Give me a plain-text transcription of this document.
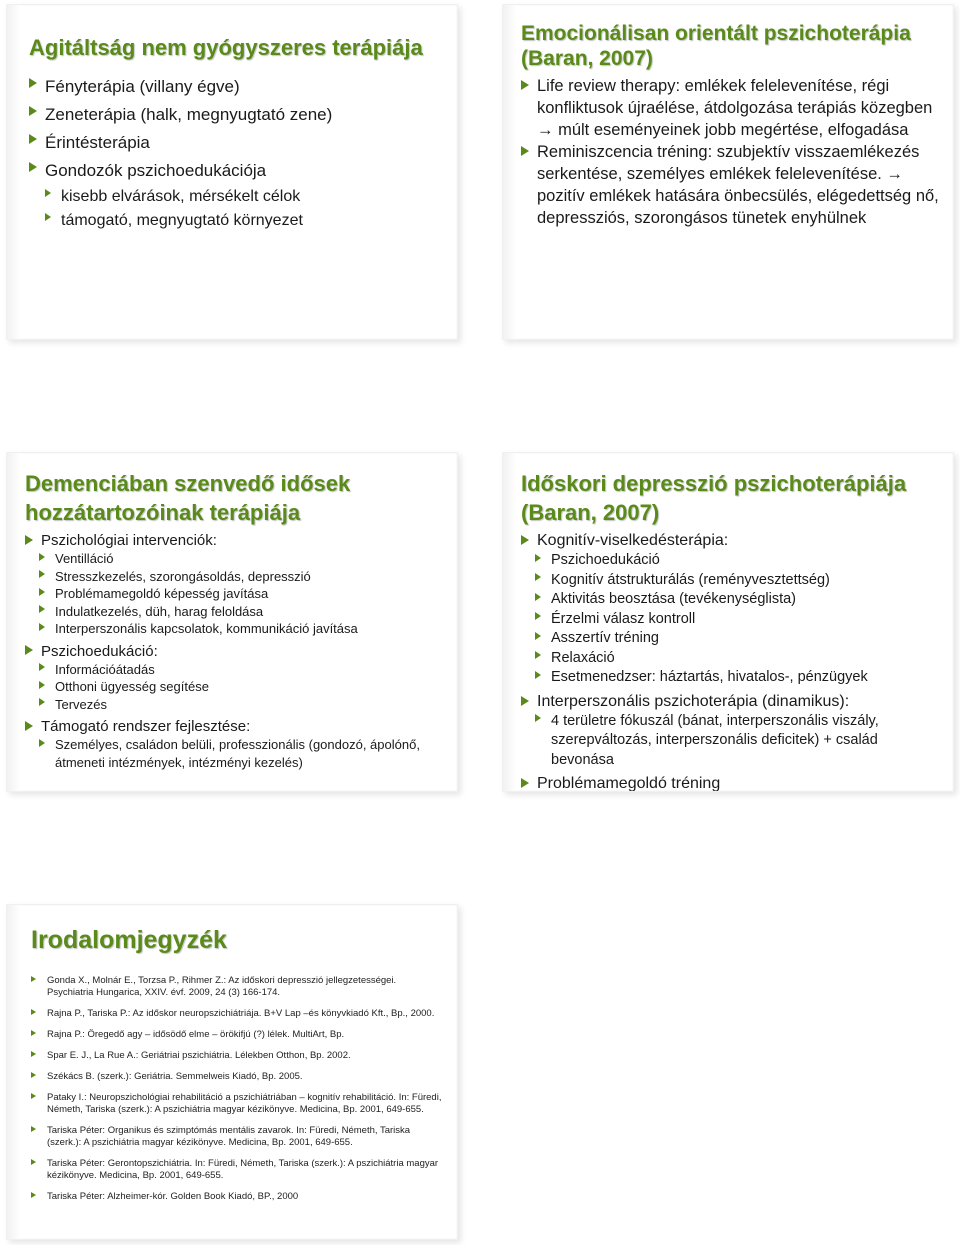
Agitáltság nem gyógyszeres terápiája
Fényterápia (villany égve)
Zeneterápia (halk, megnyugtató zene)
Érintésterápia
Gondozók pszichoedukációja
kisebb elvárások, mérsékelt célok
támogató, megnyugtató környezet
Emocionálisan orientált pszichoterápia (Baran, 2007)
Life review therapy: emlékek felelevenítése, régi konfliktusok újraélése, átdolgozása terápiás közegben → múlt eseményeinek jobb megértése, elfogadása
Reminiszcencia tréning: szubjektív visszaemlékezés serkentése, személyes emlékek felelevenítése. → pozitív emlékek hatására önbecsülés, elégedettség nő, depressziós, szorongásos tünetek enyhülnek
Demenciában szenvedő idősek hozzátartozóinak terápiája
Pszichológiai intervenciók:
Ventilláció
Stresszkezelés, szorongásoldás, depresszió
Problémamegoldó képesség javítása
Indulatkezelés, düh, harag feloldása
Interperszonális kapcsolatok, kommunikáció javítása
Pszichoedukáció:
Információátadás
Otthoni ügyesség segítése
Tervezés
Támogató rendszer fejlesztése:
Személyes, családon belüli, professzionális (gondozó, ápolónő, átmeneti intézmények, intézményi kezelés)
Időskori depresszió pszichoterápiája (Baran, 2007)
Kognitív-viselkedésterápia:
Pszichoedukáció
Kognitív átstrukturálás (reményvesztettség)
Aktivitás beosztása (tevékenységlista)
Érzelmi válasz kontroll
Asszertív tréning
Relaxáció
Esetmenedzser: háztartás, hivatalos-, pénzügyek
Interperszonális pszichoterápia (dinamikus):
4 területre fókuszál (bánat, interperszonális viszály, szerepváltozás, interperszonális deficitek) + család bevonása
Problémamegoldó tréning
Irodalomjegyzék
Gonda X., Molnár E., Torzsa P., Rihmer Z.: Az időskori depresszió jellegzetességei. Psychiatria Hungarica, XXIV. évf. 2009, 24 (3) 166-174.
Rajna P., Tariska P.: Az időskor neuropszichiátriája. B+V Lap –és könyvkiadó Kft., Bp., 2000.
Rajna P.: Öregedő agy – idősödő elme – örökifjú (?) lélek. MultiArt, Bp.
Spar E. J., La Rue A.: Geriátriai pszichiátria. Lélekben Otthon, Bp. 2002.
Székács B. (szerk.): Geriátria. Semmelweis Kiadó, Bp. 2005.
Pataky I.: Neuropszichológiai rehabilitáció a pszichiátriában – kognitív rehabilitáció. In: Füredi, Németh, Tariska (szerk.): A pszichiátria magyar kézikönyve. Medicina, Bp. 2001, 649-655.
Tariska Péter: Organikus és szimptómás mentális zavarok. In: Füredi, Németh, Tariska (szerk.): A pszichiátria magyar kézikönyve. Medicina, Bp. 2001, 649-655.
Tariska Péter: Gerontopszichiátria. In: Füredi, Németh, Tariska (szerk.): A pszichiátria magyar kézikönyve. Medicina, Bp. 2001, 649-655.
Tariska Péter: Alzheimer-kór. Golden Book Kiadó, BP., 2000
